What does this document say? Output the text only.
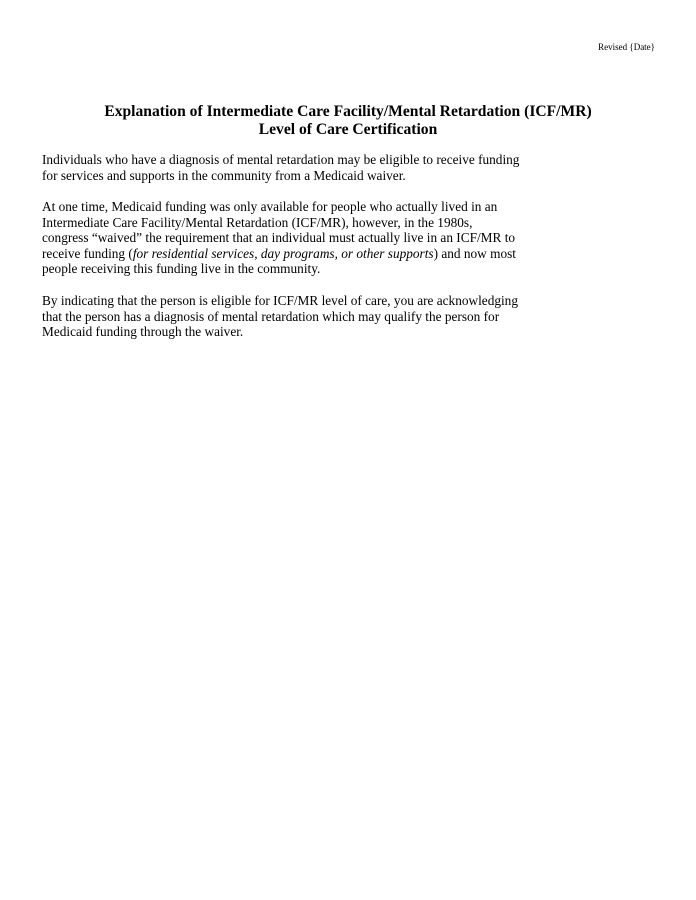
Revised {Date}
Explanation of Intermediate Care Facility/Mental Retardation (ICF/MR)
Level of Care Certification
Individuals who have a diagnosis of mental retardation may be eligible to receive funding
for services and supports in the community from a Medicaid waiver.
At one time, Medicaid funding was only available for people who actually lived in an
Intermediate Care Facility/Mental Retardation (ICF/MR), however, in the 1980s,
congress “waived” the requirement that an individual must actually live in an ICF/MR to
receive funding (for residential services, day programs, or other supports) and now most
people receiving this funding live in the community.
By indicating that the person is eligible for ICF/MR level of care, you are acknowledging
that the person has a diagnosis of mental retardation which may qualify the person for
Medicaid funding through the waiver.
